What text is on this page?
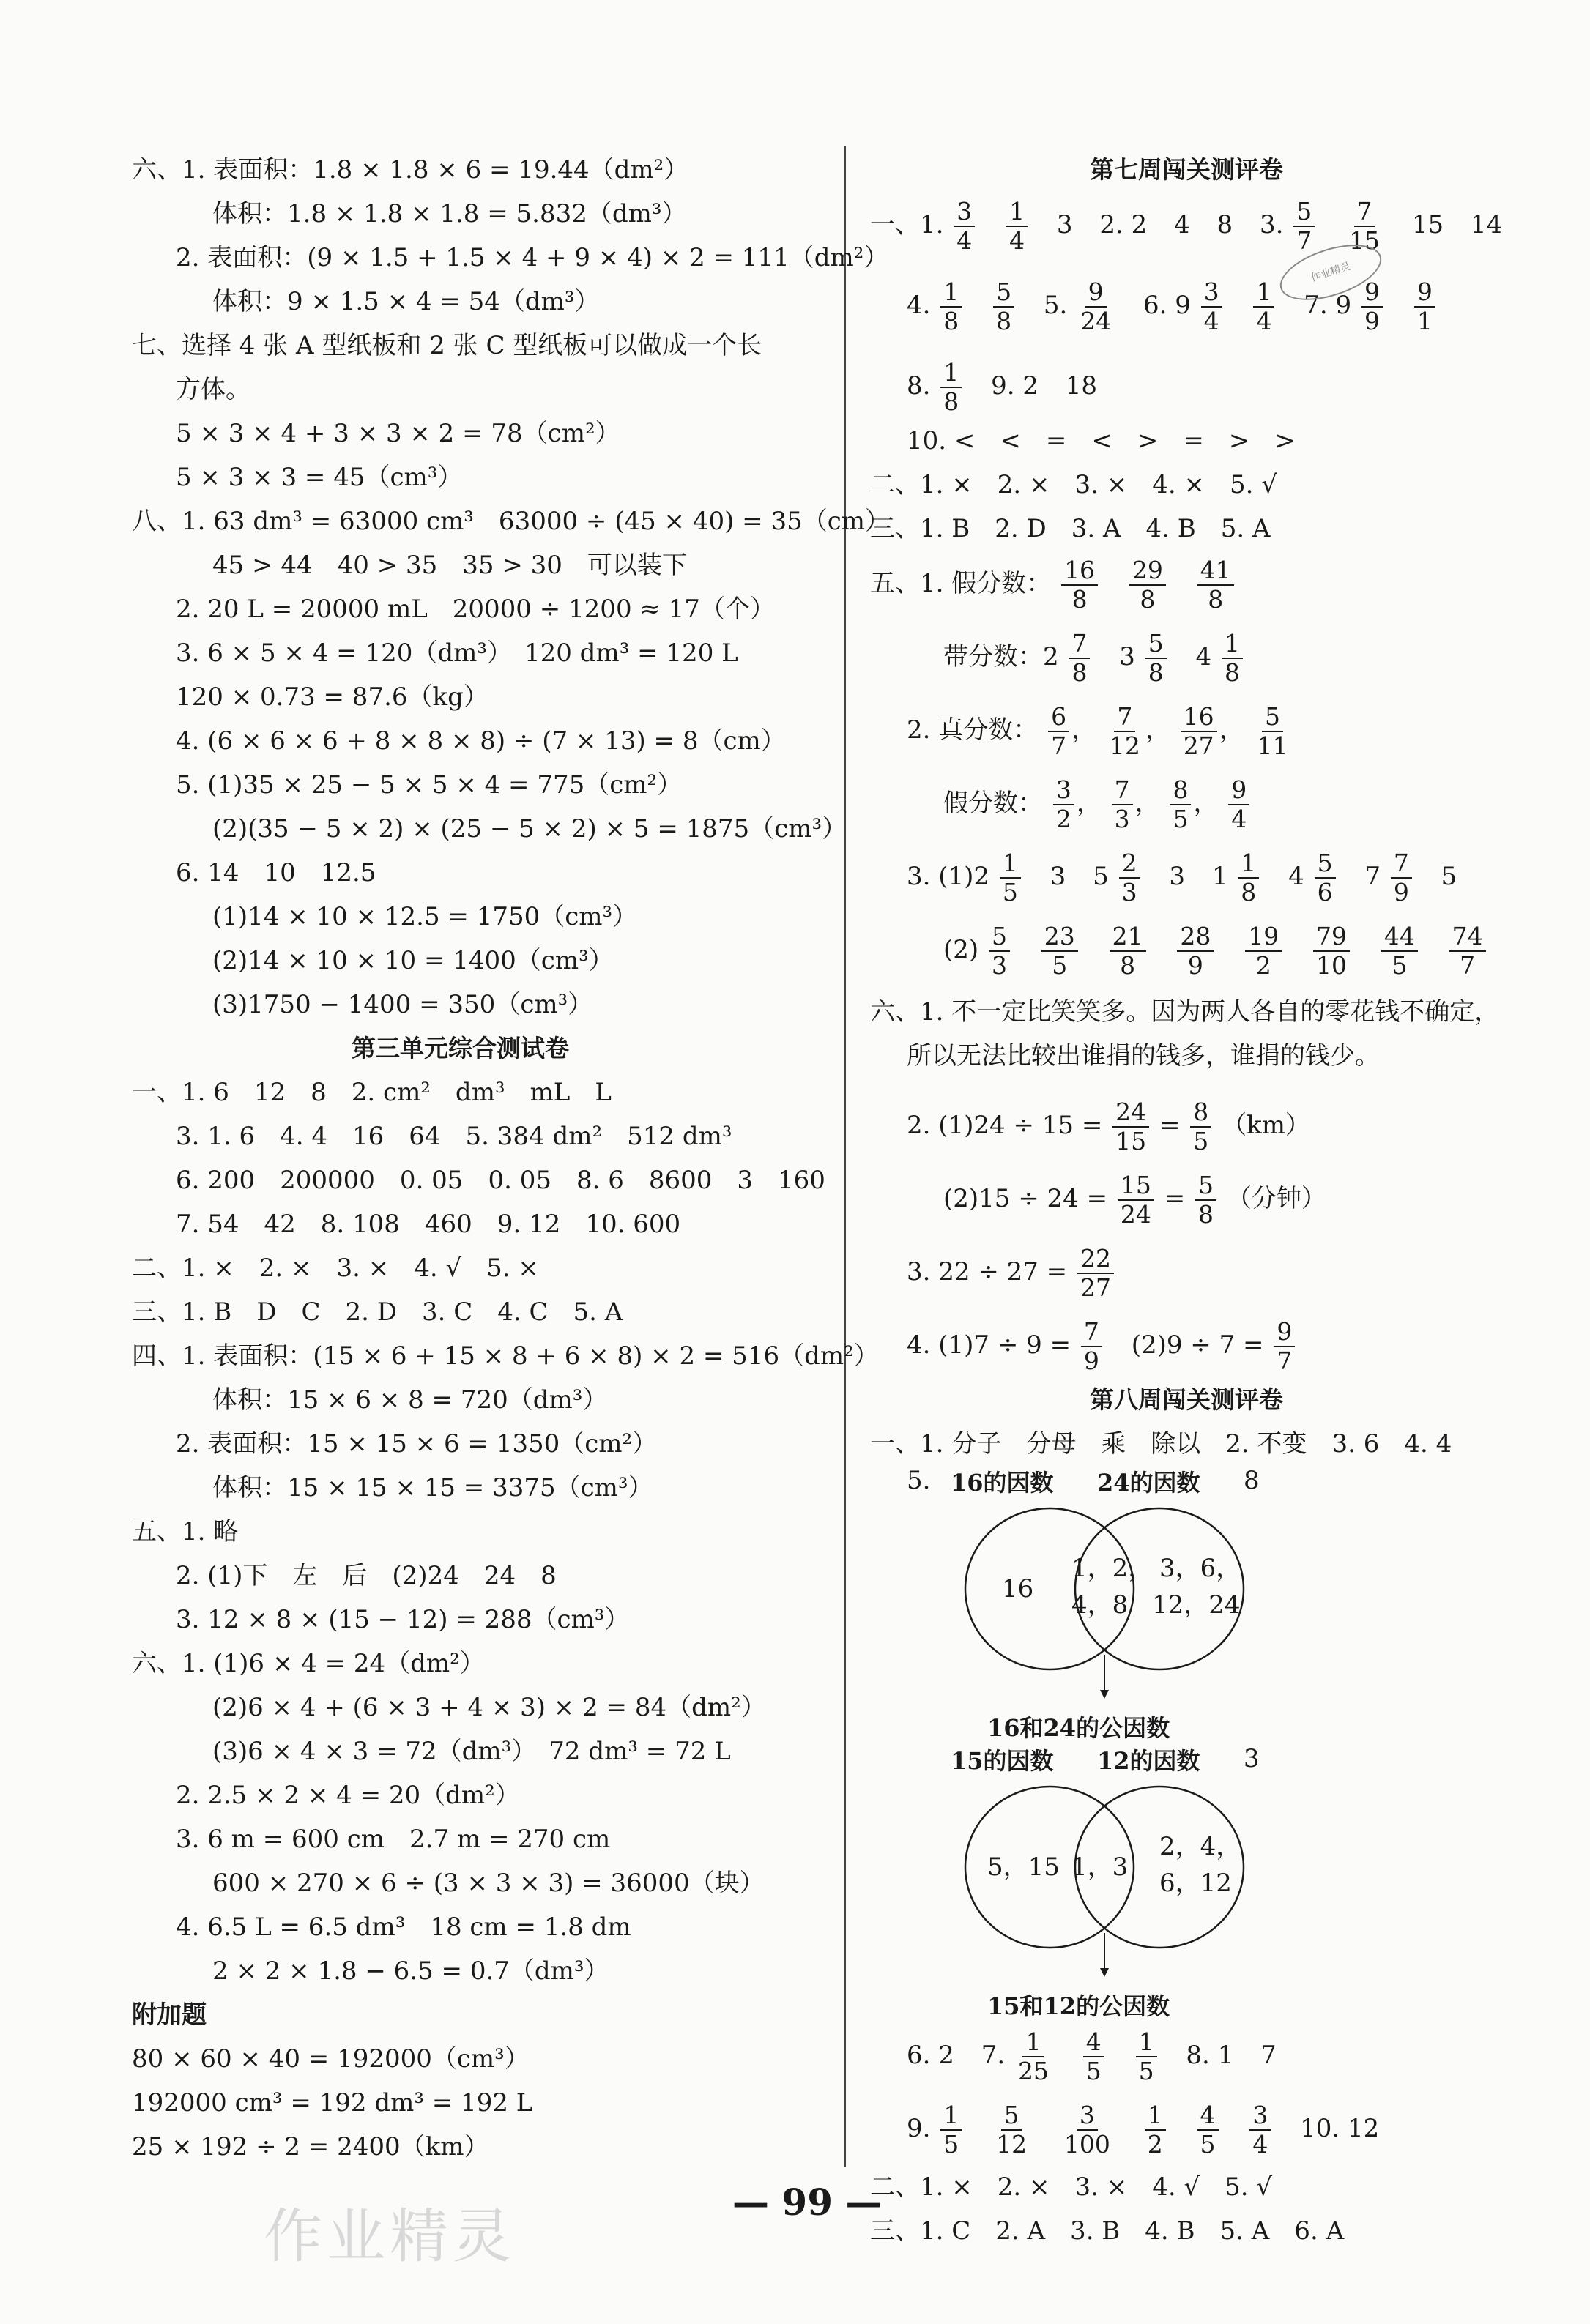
六、1. 表面积：1.8 × 1.8 × 6 = 19.44（dm²）
体积：1.8 × 1.8 × 1.8 = 5.832（dm³）
2. 表面积：(9 × 1.5 + 1.5 × 4 + 9 × 4) × 2 = 111（dm²）
体积：9 × 1.5 × 4 = 54（dm³）
七、选择 4 张 A 型纸板和 2 张 C 型纸板可以做成一个长
方体。
5 × 3 × 4 + 3 × 3 × 2 = 78（cm²）
5 × 3 × 3 = 45（cm³）
八、1. 63 dm³ = 63000 cm³　63000 ÷ (45 × 40) = 35（cm）
45 > 44　40 > 35　35 > 30　可以装下
2. 20 L = 20000 mL　20000 ÷ 1200 ≈ 17（个）
3. 6 × 5 × 4 = 120（dm³）　120 dm³ = 120 L
120 × 0.73 = 87.6（kg）
4. (6 × 6 × 6 + 8 × 8 × 8) ÷ (7 × 13) = 8（cm）
5. (1)35 × 25 − 5 × 5 × 4 = 775（cm²）
(2)(35 − 5 × 2) × (25 − 5 × 2) × 5 = 1875（cm³）
6. 14　10　12.5
(1)14 × 10 × 12.5 = 1750（cm³）
(2)14 × 10 × 10 = 1400（cm³）
(3)1750 − 1400 = 350（cm³）
第三单元综合测试卷
一、1. 6　12　8　2. cm²　dm³　mL　L
3. 1. 6　4. 4　16　64　5. 384 dm²　512 dm³
6. 200　200000　0. 05　0. 05　8. 6　8600　3　160
7. 54　42　8. 108　460　9. 12　10. 600
二、1. ×　2. ×　3. ×　4. √　5. ×
三、1. B　D　C　2. D　3. C　4. C　5. A
四、1. 表面积：(15 × 6 + 15 × 8 + 6 × 8) × 2 = 516（dm²）
体积：15 × 6 × 8 = 720（dm³）
2. 表面积：15 × 15 × 6 = 1350（cm²）
体积：15 × 15 × 15 = 3375（cm³）
五、1. 略
2. (1)下　左　后　(2)24　24　8
3. 12 × 8 × (15 − 12) = 288（cm³）
六、1. (1)6 × 4 = 24（dm²）
(2)6 × 4 + (6 × 3 + 4 × 3) × 2 = 84（dm²）
(3)6 × 4 × 3 = 72（dm³）　72 dm³ = 72 L
2. 2.5 × 2 × 4 = 20（dm²）
3. 6 m = 600 cm　2.7 m = 270 cm
600 × 270 × 6 ÷ (3 × 3 × 3) = 36000（块）
4. 6.5 L = 6.5 dm³　18 cm = 1.8 dm
2 × 2 × 1.8 − 6.5 = 0.7（dm³）
附加题
80 × 60 × 40 = 192000（cm³）
192000 cm³ = 192 dm³ = 192 L
25 × 192 ÷ 2 = 2400（km）
第七周闯关测评卷
一、1. $\frac{3}{4}$
$\frac{1}{4} 3$ 2. 2 4 8 3. $\frac{5}{7}$
$\frac{7}{15} 15$ 14
4. $\frac{1}{8}$
$\frac{5}{8} 5$. $\frac{9}{24} 6$. $9 \frac{3}{4}$
$\frac{1}{4} 7$. $9 \frac{9}{9}$
$\frac{9}{1}$
8. $\frac{1}{8} 9$. 2 18
10. <　<　=　<　>　=　>　>
二、1. ×　2. ×　3. ×　4. ×　5. √
三、1. B　2. D　3. A　4. B　5. A
五、1. 假分数： $\frac{16}{8}$
$\frac{29}{8}$
$\frac{41}{8}$
带分数：$2 \frac{7}{8} 3 \frac{5}{8} 4 \frac{1}{8}$
2. 真分数： $\frac{6}{7}$ ， $\frac{7}{12}$ ， $\frac{16}{27}$ ， $\frac{5}{11}$
假分数： $\frac{3}{2}$ ， $\frac{7}{3}$ ， $\frac{8}{5}$ ， $\frac{9}{4}$
3. $(1)2 \frac{1}{5} 3$ $5 \frac{2}{3} 3$ $1 \frac{1}{8} 4 \frac{5}{6} 7 \frac{7}{9} 5$
$(2) \frac{5}{3}$
$\frac{23}{5}$
$\frac{21}{8}$
$\frac{28}{9}$
$\frac{19}{2}$
$\frac{79}{10}$
$\frac{44}{5}$
$\frac{74}{7}$
六、1. 不一定比笑笑多。因为两人各自的零花钱不确定，
所以无法比较出谁捐的钱多，谁捐的钱少。
2. $(1)24 \div 15 = \frac{24}{15} = \frac{8}{5} (km)$
$(2)15 \div 24 = \frac{15}{24} = \frac{5}{8}$ （分钟）
3. $22 \div 27 = \frac{22}{27}$
4. $(1)7 \div 9 = \frac{7}{9} (2)9 \div 7 = \frac{9}{7}$
第八周闯关测评卷
一、1. 分子　分母　乘　除以　2. 不变　3. 6　4. 4
5. 16的因数 24的因数 8
16
1，2，
4，8
3，6，
12，24
16和24的公因数
15的因数 12的因数 3
5，15 1，3
2，4，
6，12
15和12的公因数
6. 2 7. $\frac{1}{25}$
$\frac{4}{5}$
$\frac{1}{5} 8$. 1 7
9. $\frac{1}{5}$
$\frac{5}{12}$
$\frac{3}{100}$
$\frac{1}{2}$
$\frac{4}{5}$
$\frac{3}{4} 10$. 12
二、1. ×　2. ×　3. ×　4. √　5. √
三、1. C　2. A　3. B　4. B　5. A　6. A
作业精灵
— 99 —
作业精灵
